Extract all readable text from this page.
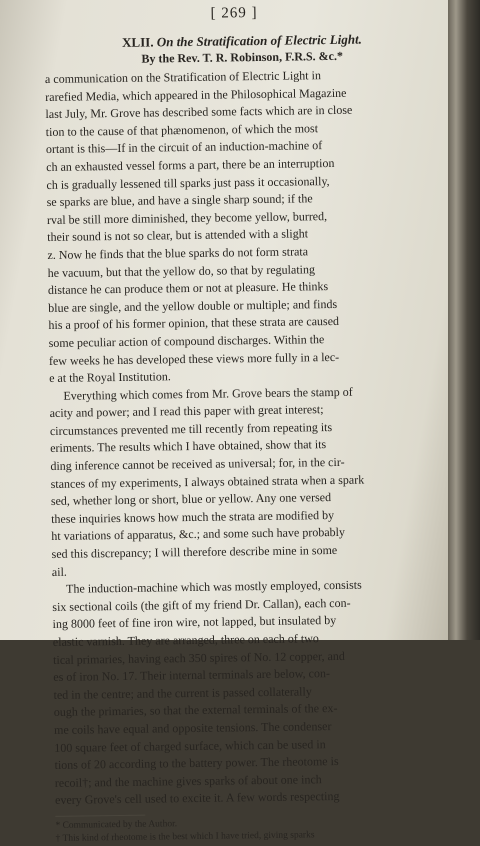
[ 269 ]
XLII. On the Stratification of Electric Light.
By the Rev. T. R. Robinson, F.R.S. &c.*
a communication on the Stratification of Electric Light in
rarefied Media, which appeared in the Philosophical Magazine
last July, Mr. Grove has described some facts which are in close
tion to the cause of that phænomenon, of which the most
ortant is this—If in the circuit of an induction-machine of
ch an exhausted vessel forms a part, there be an interruption
ch is gradually lessened till sparks just pass it occasionally,
se sparks are blue, and have a single sharp sound; if the
rval be still more diminished, they become yellow, burred,
their sound is not so clear, but is attended with a slight
z. Now he finds that the blue sparks do not form strata
he vacuum, but that the yellow do, so that by regulating
distance he can produce them or not at pleasure. He thinks
blue are single, and the yellow double or multiple; and finds
his a proof of his former opinion, that these strata are caused
some peculiar action of compound discharges. Within the
few weeks he has developed these views more fully in a lec-
e at the Royal Institution.
Everything which comes from Mr. Grove bears the stamp of
acity and power; and I read this paper with great interest;
circumstances prevented me till recently from repeating its
eriments. The results which I have obtained, show that its
ding inference cannot be received as universal; for, in the cir-
stances of my experiments, I always obtained strata when a spark
sed, whether long or short, blue or yellow. Any one versed
these inquiries knows how much the strata are modified by
ht variations of apparatus, &c.; and some such have probably
sed this discrepancy; I will therefore describe mine in some
ail.
The induction-machine which was mostly employed, consists
six sectional coils (the gift of my friend Dr. Callan), each con-
ing 8000 feet of fine iron wire, not lapped, but insulated by
elastic varnish. They are arranged, three on each of two
tical primaries, having each 350 spires of No. 12 copper, and
es of iron No. 17. Their internal terminals are below, con-
ted in the centre; and the current is passed collaterally
ough the primaries, so that the external terminals of the ex-
me coils have equal and opposite tensions. The condenser
100 square feet of charged surface, which can be used in
tions of 20 according to the battery power. The rheotome is
recoil†; and the machine gives sparks of about one inch
every Grove's cell used to excite it. A few words respecting
* Communicated by the Author.
† This kind of rheotome is the best which I have tried, giving sparks
